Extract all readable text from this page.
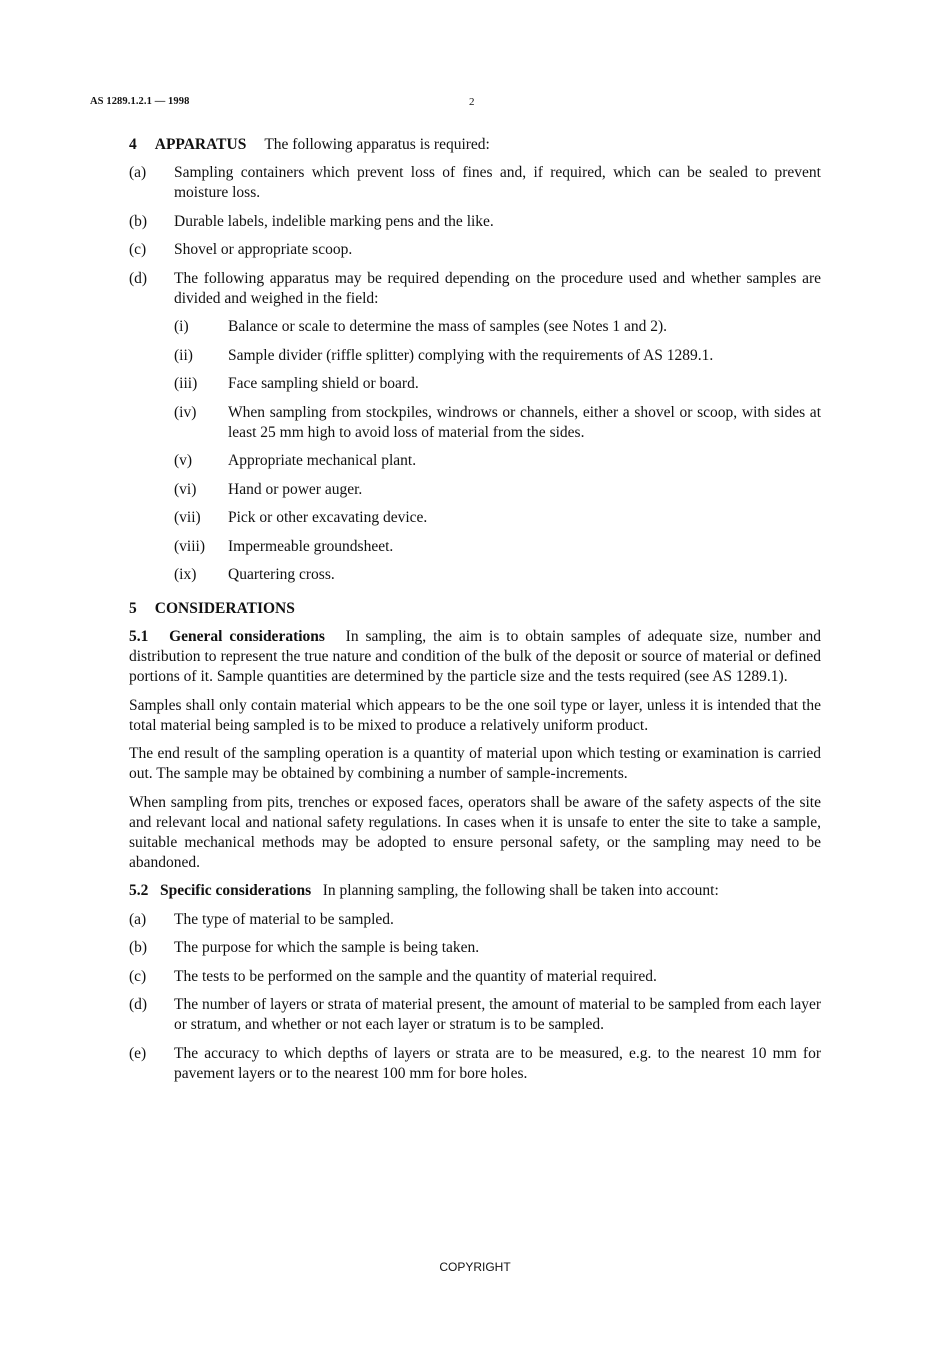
AS 1289.1.2.1 — 1998	2

4 APPARATUS The following apparatus is required:

(a) Sampling containers which prevent loss of fines and, if required, which can be sealed to prevent moisture loss.
(b) Durable labels, indelible marking pens and the like.
(c) Shovel or appropriate scoop.
(d) The following apparatus may be required depending on the procedure used and whether samples are divided and weighed in the field:
(i)	Balance or scale to determine the mass of samples (see Notes 1 and 2).
(ii) Sample divider (riffle splitter) complying with the requirements of AS 1289.1.
(iii) Face sampling shield or board.
(iv) When sampling from stockpiles, windrows or channels, either a shovel or scoop, with sides at least 25 mm high to avoid loss of material from the sides.
(v) Appropriate mechanical plant.
(vi) Hand or power auger.
(vii) Pick or other excavating device.
(viii) Impermeable groundsheet.
(ix) Quartering cross.

5 CONSIDERATIONS

5.1 General considerations In sampling, the aim is to obtain samples of adequate size, number and distribution to represent the true nature and condition of the bulk of the deposit or source of material or defined portions of it. Sample quantities are determined by the particle size and the tests required (see AS 1289.1).

Samples shall only contain material which appears to be the one soil type or layer, unless it is intended that the total material being sampled is to be mixed to produce a relatively uniform product.

The end result of the sampling operation is a quantity of material upon which testing or examination is carried out. The sample may be obtained by combining a number of sample-increments.

When sampling from pits, trenches or exposed faces, operators shall be aware of the safety aspects of the site and relevant local and national safety regulations. In cases when it is unsafe to enter the site to take a sample, suitable mechanical methods may be adopted to ensure personal safety, or the sampling may need to be abandoned.

5.2 Specific considerations In planning sampling, the following shall be taken into account:

(a) The type of material to be sampled.
(b) The purpose for which the sample is being taken.
(c) The tests to be performed on the sample and the quantity of material required.
(d) The number of layers or strata of material present, the amount of material to be sampled from each layer or stratum, and whether or not each layer or stratum is to be sampled.
(e) The accuracy to which depths of layers or strata are to be measured, e.g. to the nearest 10 mm for pavement layers or to the nearest 100 mm for bore holes.
COPYRIGHT
